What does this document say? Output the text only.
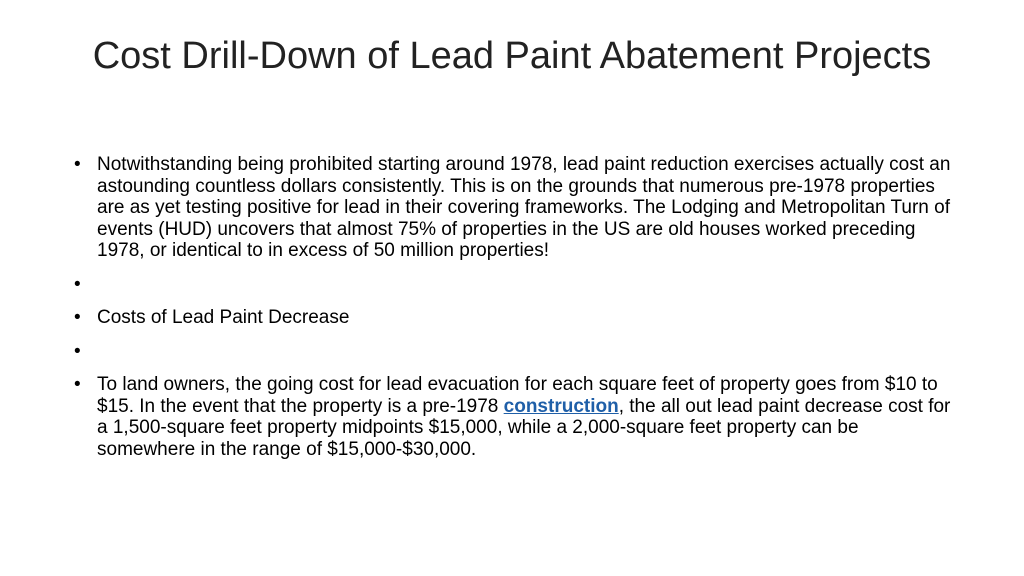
Cost Drill-Down of Lead Paint Abatement Projects
• Notwithstanding being prohibited starting around 1978, lead paint reduction exercises actually cost an astounding countless dollars consistently. This is on the grounds that numerous pre-1978 properties are as yet testing positive for lead in their covering frameworks. The Lodging and Metropolitan Turn of events (HUD) uncovers that almost 75% of properties in the US are old houses worked preceding 1978, or identical to in excess of 50 million properties!
•
• Costs of Lead Paint Decrease
•
• To land owners, the going cost for lead evacuation for each square feet of property goes from $10 to $15. In the event that the property is a pre-1978 construction, the all out lead paint decrease cost for a 1,500-square feet property midpoints $15,000, while a 2,000-square feet property can be somewhere in the range of $15,000-$30,000.
